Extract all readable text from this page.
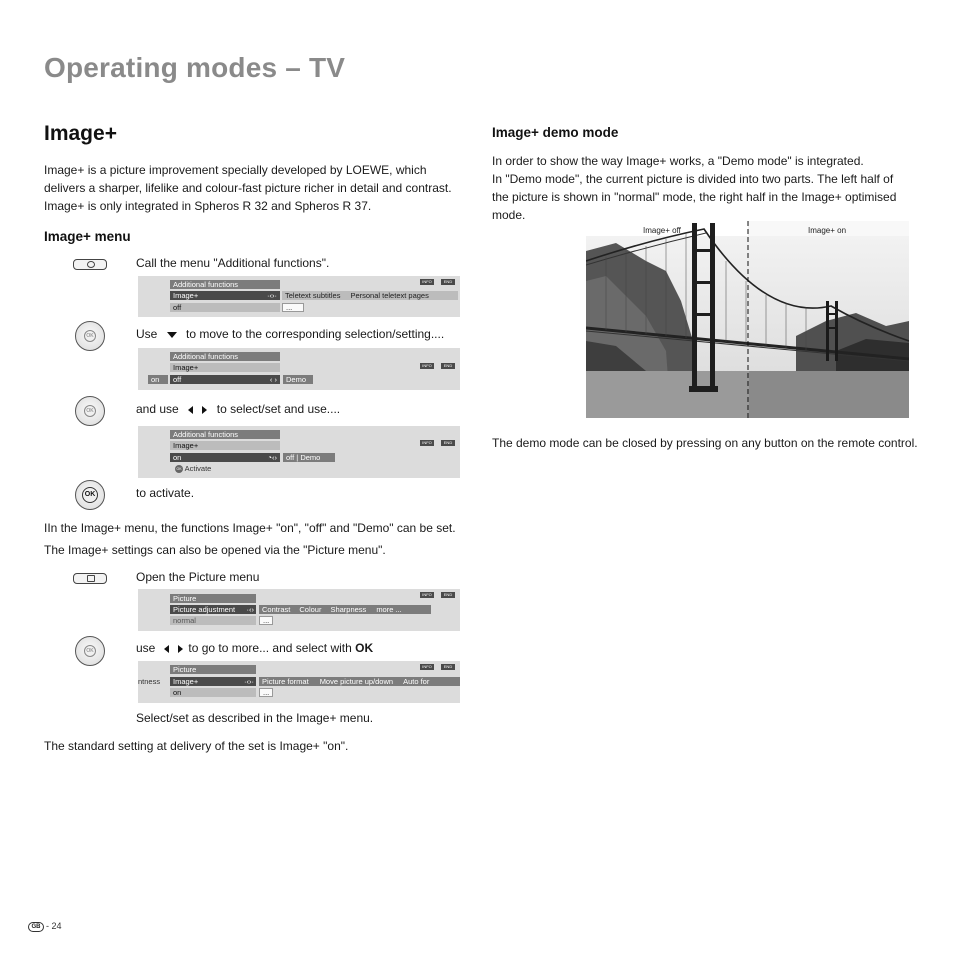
Operating modes – TV
Image+
Image+ is a picture improvement specially developed by LOEWE, which delivers a sharper, lifelike and colour-fast picture richer in detail and contrast. Image+ is only integrated in Spheros R 32 and Spheros R 37.
Image+ menu
Call the menu "Additional functions".
INFO	END
Additional functions
Image+	·‹›·	Teletext subtitles Personal teletext pages
off	...
OK	Use to move to the corresponding selection/setting....
INFO	END
Additional functions
Image+
on	off	‹ ›	Demo
OK	and use	to select/set and use....
INFO	END
Additional functions
Image+
on	◔‹›	off | Demo
OK Activate
OK	to activate.
IIn the Image+ menu, the functions Image+ "on", "off" and "Demo" can be set.
The Image+ settings can also be opened via the "Picture menu".
Open the Picture menu
INFO	END
Picture
Picture adjustment ·‹›	Contrast Colour Sharpness more ...
normal	...
OK	use	to go to more... and select with OK
INFO	END
Picture
ntness	Image+	·‹›·	Picture format Move picture up/down Auto for
on	...
Select/set as described in the Image+ menu.
The standard setting at delivery of the set is Image+ "on".
Image+ demo mode
In order to show the way Image+ works, a "Demo mode" is integrated.
In "Demo mode", the current picture is divided into two parts. The left half of the picture is shown in "normal" mode, the right half in the Image+ optimised mode.
Image+ off	Image+ on
The demo mode can be closed by pressing on any button on the remote control.
GB - 24
